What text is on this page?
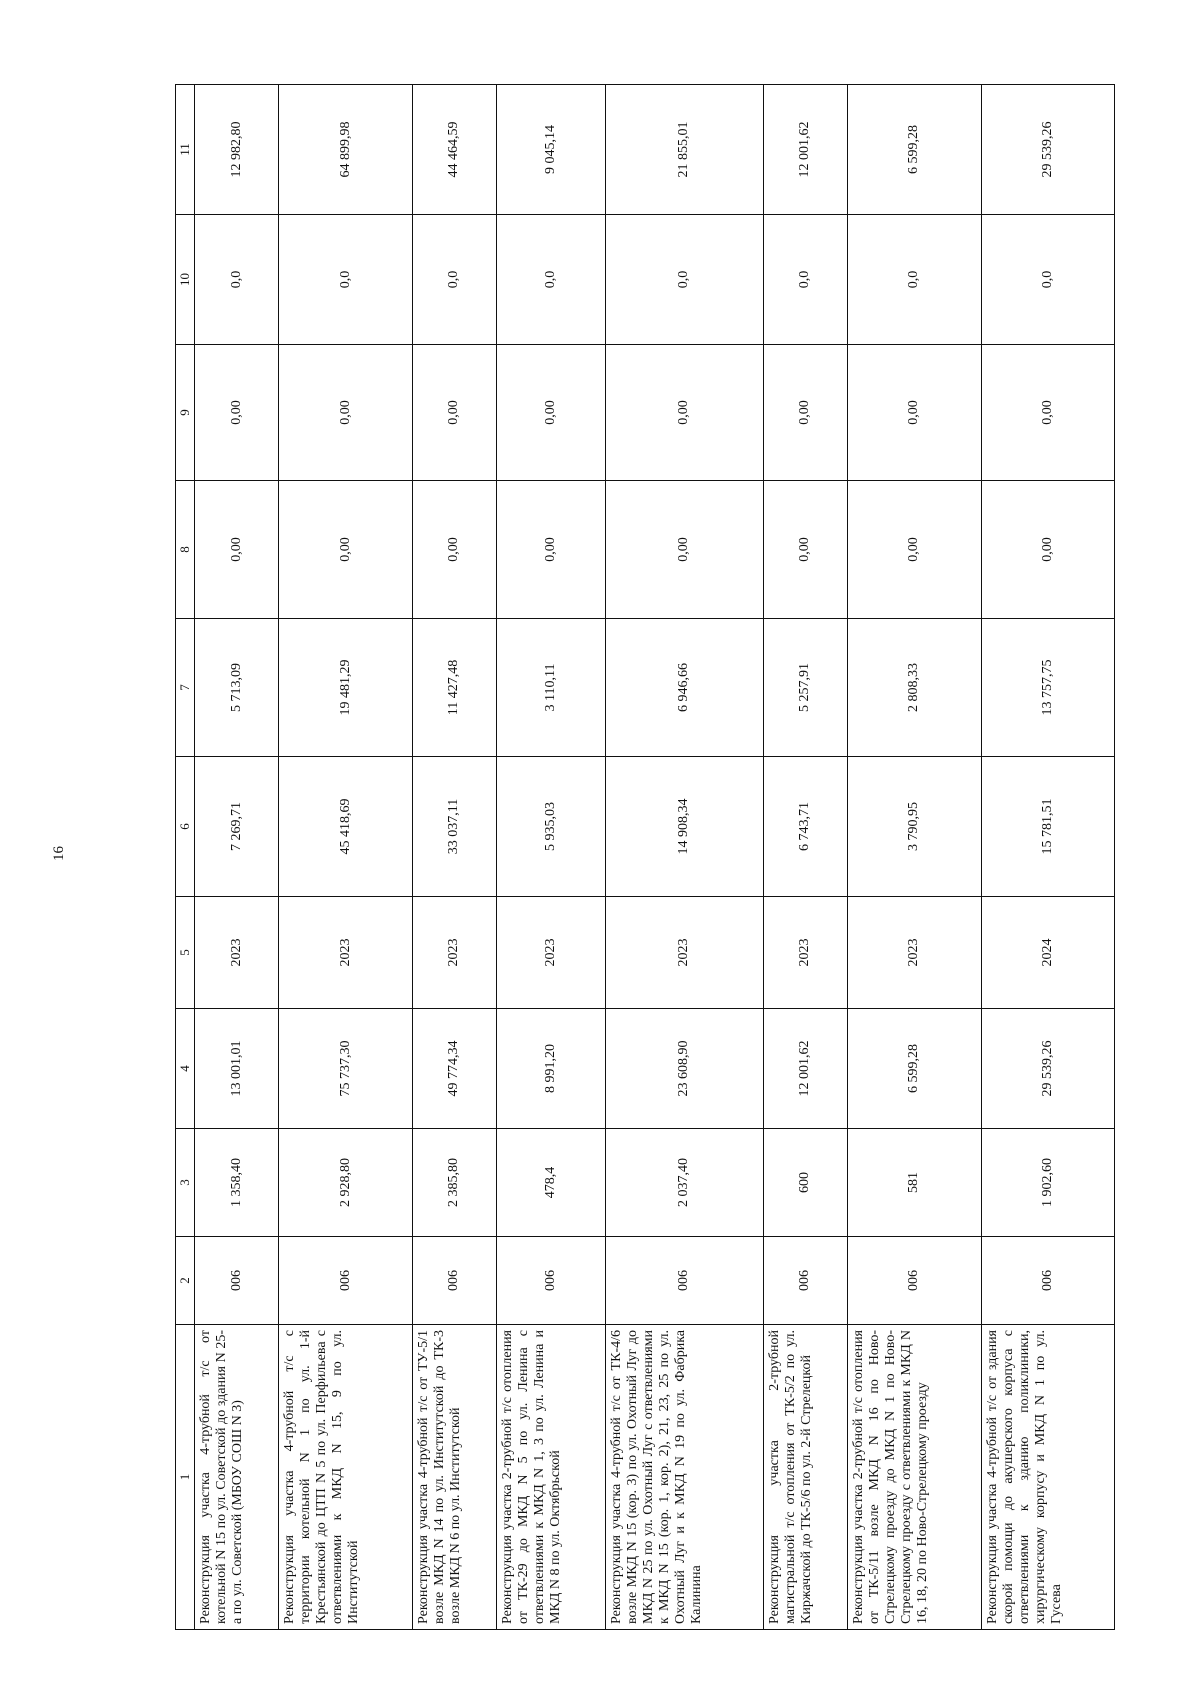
16
1	2	3	4	5	6	7	8	9	10	11
Реконструкция участка 4-трубной т/с от котельной N 15 по ул. Советской до здания N 25-а по ул. Советской (МБОУ СОШ N 3)	006	1 358,40	13 001,01	2023	7 269,71	5 713,09	0,00	0,00	0,0	12 982,80
Реконструкция участка 4-трубной т/с с территории котельной N 1 по ул. 1-й Крестьянской до ЦТП N 5 по ул. Перфильева с ответвлениями к МКД N 15, 9 по ул. Институтской	006	2 928,80	75 737,30	2023	45 418,69	19 481,29	0,00	0,00	0,0	64 899,98
Реконструкция участка 4-трубной т/с от ТУ-5/1 возле МКД N 14 по ул. Институтской до ТК-3 возле МКД N 6 по ул. Институтской	006	2 385,80	49 774,34	2023	33 037,11	11 427,48	0,00	0,00	0,0	44 464,59
Реконструкция участка 2-трубной т/с отопления от ТК-29 до МКД N 5 по ул. Ленина с ответвлениями к МКД N 1, 3 по ул. Ленина и МКД N 8 по ул. Октябрьской	006	478,4	8 991,20	2023	5 935,03	3 110,11	0,00	0,00	0,0	9 045,14
Реконструкция участка 4-трубной т/с от ТК-4/6 возле МКД N 15 (кор. 3) по ул. Охотный Луг до МКД N 25 по ул. Охотный Луг с ответвлениями к МКД N 15 (кор. 1, кор. 2), 21, 23, 25 по ул. Охотный Луг и к МКД N 19 по ул. Фабрика Калинина	006	2 037,40	23 608,90	2023	14 908,34	6 946,66	0,00	0,00	0,0	21 855,01
Реконструкция участка 2-трубной магистральной т/с отопления от ТК-5/2 по ул. Киржачской до ТК-5/6 по ул. 2-й Стрелецкой	006	600	12 001,62	2023	6 743,71	5 257,91	0,00	0,00	0,0	12 001,62
Реконструкция участка 2-трубной т/с отопления от ТК-5/11 возле МКД N 16 по Ново-Стрелецкому проезду до МКД N 1 по Ново-Стрелецкому проезду с ответвлениями к МКД N 16, 18, 20 по Ново-Стрелецкому проезду	006	581	6 599,28	2023	3 790,95	2 808,33	0,00	0,00	0,0	6 599,28
Реконструкция участка 4-трубной т/с от здания скорой помощи до акушерского корпуса с ответвлениями к зданию поликлиники, хирургическому корпусу и МКД N 1 по ул. Гусева	006	1 902,60	29 539,26	2024	15 781,51	13 757,75	0,00	0,00	0,0	29 539,26
